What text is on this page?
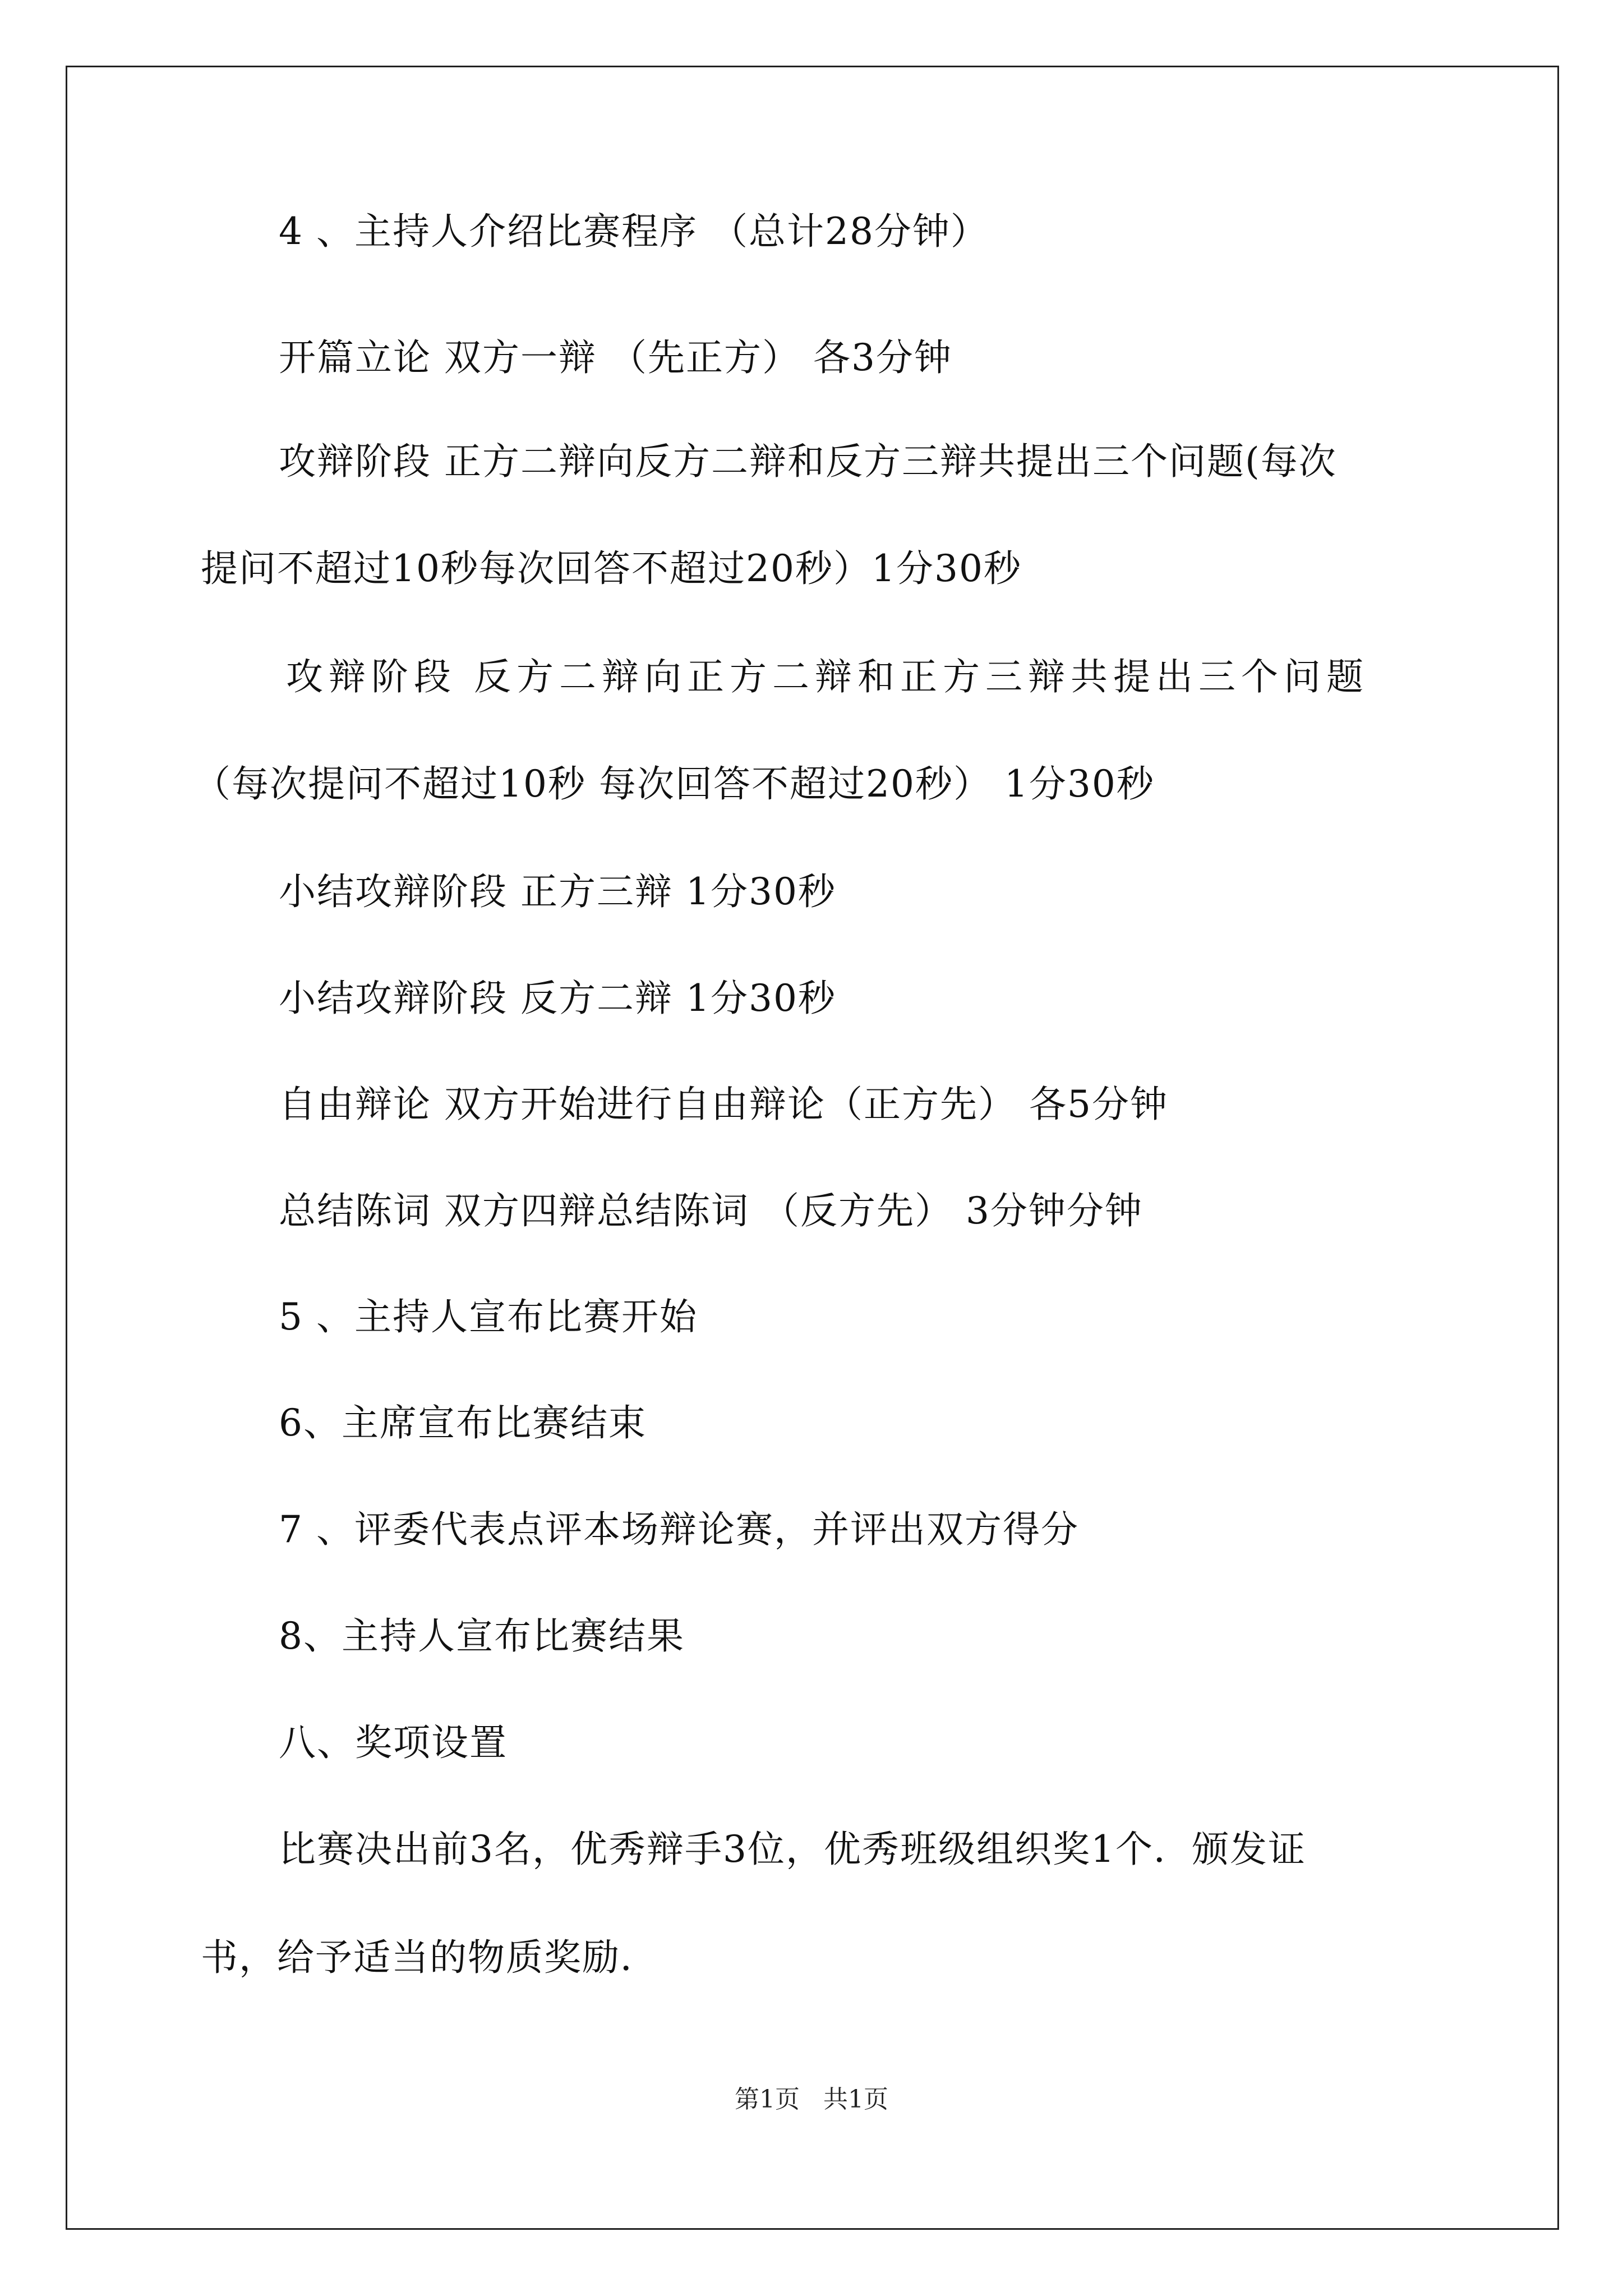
4 、主持人介绍比赛程序 （总计28分钟）
开篇立论 双方一辩 （先正方） 各3分钟
攻辩阶段 正方二辩向反方二辩和反方三辩共提出三个问题(每次
提问不超过10秒每次回答不超过20秒）1分30秒
攻辩阶段 反方二辩向正方二辩和正方三辩共提出三个问题
（每次提问不超过10秒 每次回答不超过20秒） 1分30秒
小结攻辩阶段 正方三辩 1分30秒
小结攻辩阶段 反方二辩 1分30秒
自由辩论 双方开始进行自由辩论（正方先） 各5分钟
总结陈词 双方四辩总结陈词 （反方先） 3分钟分钟
5 、主持人宣布比赛开始
6、主席宣布比赛结束
7 、评委代表点评本场辩论赛，并评出双方得分
8、主持人宣布比赛结果
八、奖项设置
比赛决出前3名，优秀辩手3位，优秀班级组织奖1个．颁发证
书，给予适当的物质奖励．
第1页   共1页
